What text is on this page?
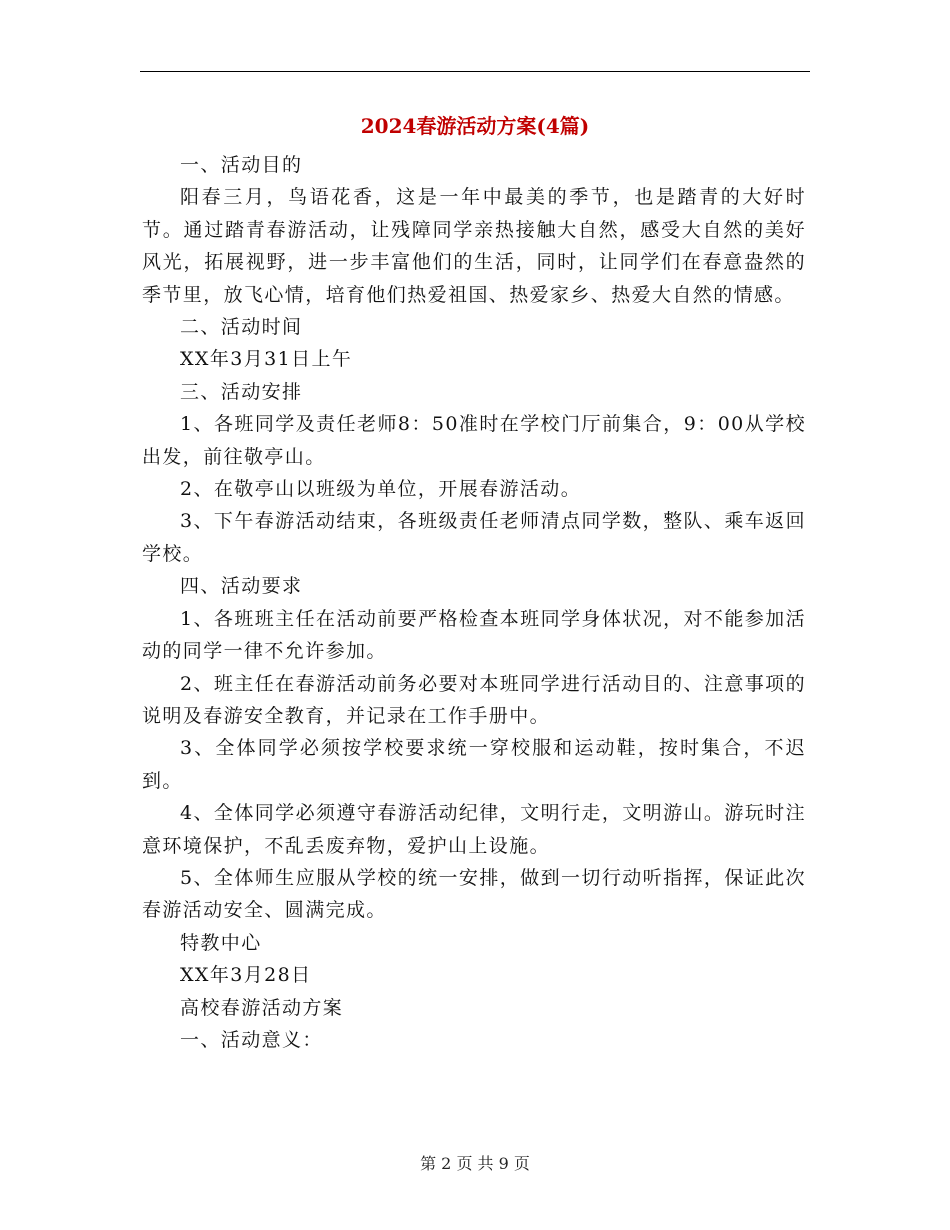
2024春游活动方案(4篇)

一、活动目的

阳春三月，鸟语花香，这是一年中最美的季节，也是踏青的大好时节。通过踏青春游活动，让残障同学亲热接触大自然，感受大自然的美好风光，拓展视野，进一步丰富他们的生活，同时，让同学们在春意盎然的季节里，放飞心情，培育他们热爱祖国、热爱家乡、热爱大自然的情感。

二、活动时间

XX年3月31日上午

三、活动安排

1、各班同学及责任老师8：50准时在学校门厅前集合，9：00从学校出发，前往敬亭山。

2、在敬亭山以班级为单位，开展春游活动。

3、下午春游活动结束，各班级责任老师清点同学数，整队、乘车返回学校。

四、活动要求

1、各班班主任在活动前要严格检查本班同学身体状况，对不能参加活动的同学一律不允许参加。

2、班主任在春游活动前务必要对本班同学进行活动目的、注意事项的说明及春游安全教育，并记录在工作手册中。

3、全体同学必须按学校要求统一穿校服和运动鞋，按时集合，不迟到。

4、全体同学必须遵守春游活动纪律，文明行走，文明游山。游玩时注意环境保护，不乱丢废弃物，爱护山上设施。

5、全体师生应服从学校的统一安排，做到一切行动听指挥，保证此次春游活动安全、圆满完成。

特教中心

XX年3月28日

高校春游活动方案

一、活动意义：

第 2 页 共 9 页
